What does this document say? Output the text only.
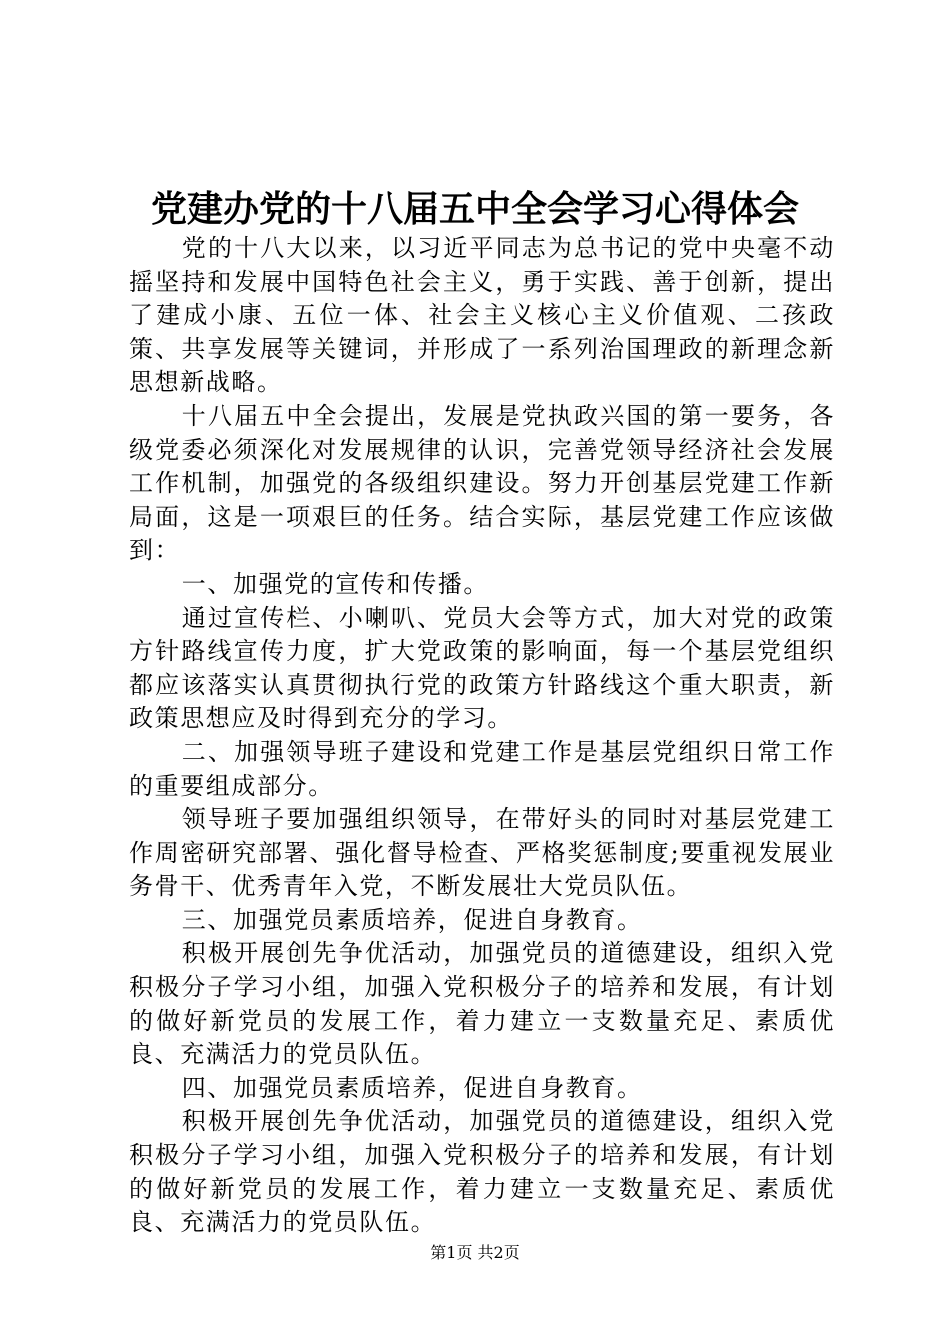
党建办党的十八届五中全会学习心得体会

党的十八大以来，以习近平同志为总书记的党中央毫不动摇坚持和发展中国特色社会主义，勇于实践、善于创新，提出了建成小康、五位一体、社会主义核心主义价值观、二孩政策、共享发展等关键词，并形成了一系列治国理政的新理念新思想新战略。

十八届五中全会提出，发展是党执政兴国的第一要务，各级党委必须深化对发展规律的认识，完善党领导经济社会发展工作机制，加强党的各级组织建设。努力开创基层党建工作新局面，这是一项艰巨的任务。结合实际，基层党建工作应该做到：

一、加强党的宣传和传播。

通过宣传栏、小喇叭、党员大会等方式，加大对党的政策方针路线宣传力度，扩大党政策的影响面，每一个基层党组织都应该落实认真贯彻执行党的政策方针路线这个重大职责，新政策思想应及时得到充分的学习。

二、加强领导班子建设和党建工作是基层党组织日常工作的重要组成部分。

领导班子要加强组织领导，在带好头的同时对基层党建工作周密研究部署、强化督导检查、严格奖惩制度;要重视发展业务骨干、优秀青年入党，不断发展壮大党员队伍。

三、加强党员素质培养，促进自身教育。

积极开展创先争优活动，加强党员的道德建设，组织入党积极分子学习小组，加强入党积极分子的培养和发展，有计划的做好新党员的发展工作，着力建立一支数量充足、素质优良、充满活力的党员队伍。

四、加强党员素质培养，促进自身教育。

积极开展创先争优活动，加强党员的道德建设，组织入党积极分子学习小组，加强入党积极分子的培养和发展，有计划的做好新党员的发展工作，着力建立一支数量充足、素质优良、充满活力的党员队伍。

第1页 共2页
